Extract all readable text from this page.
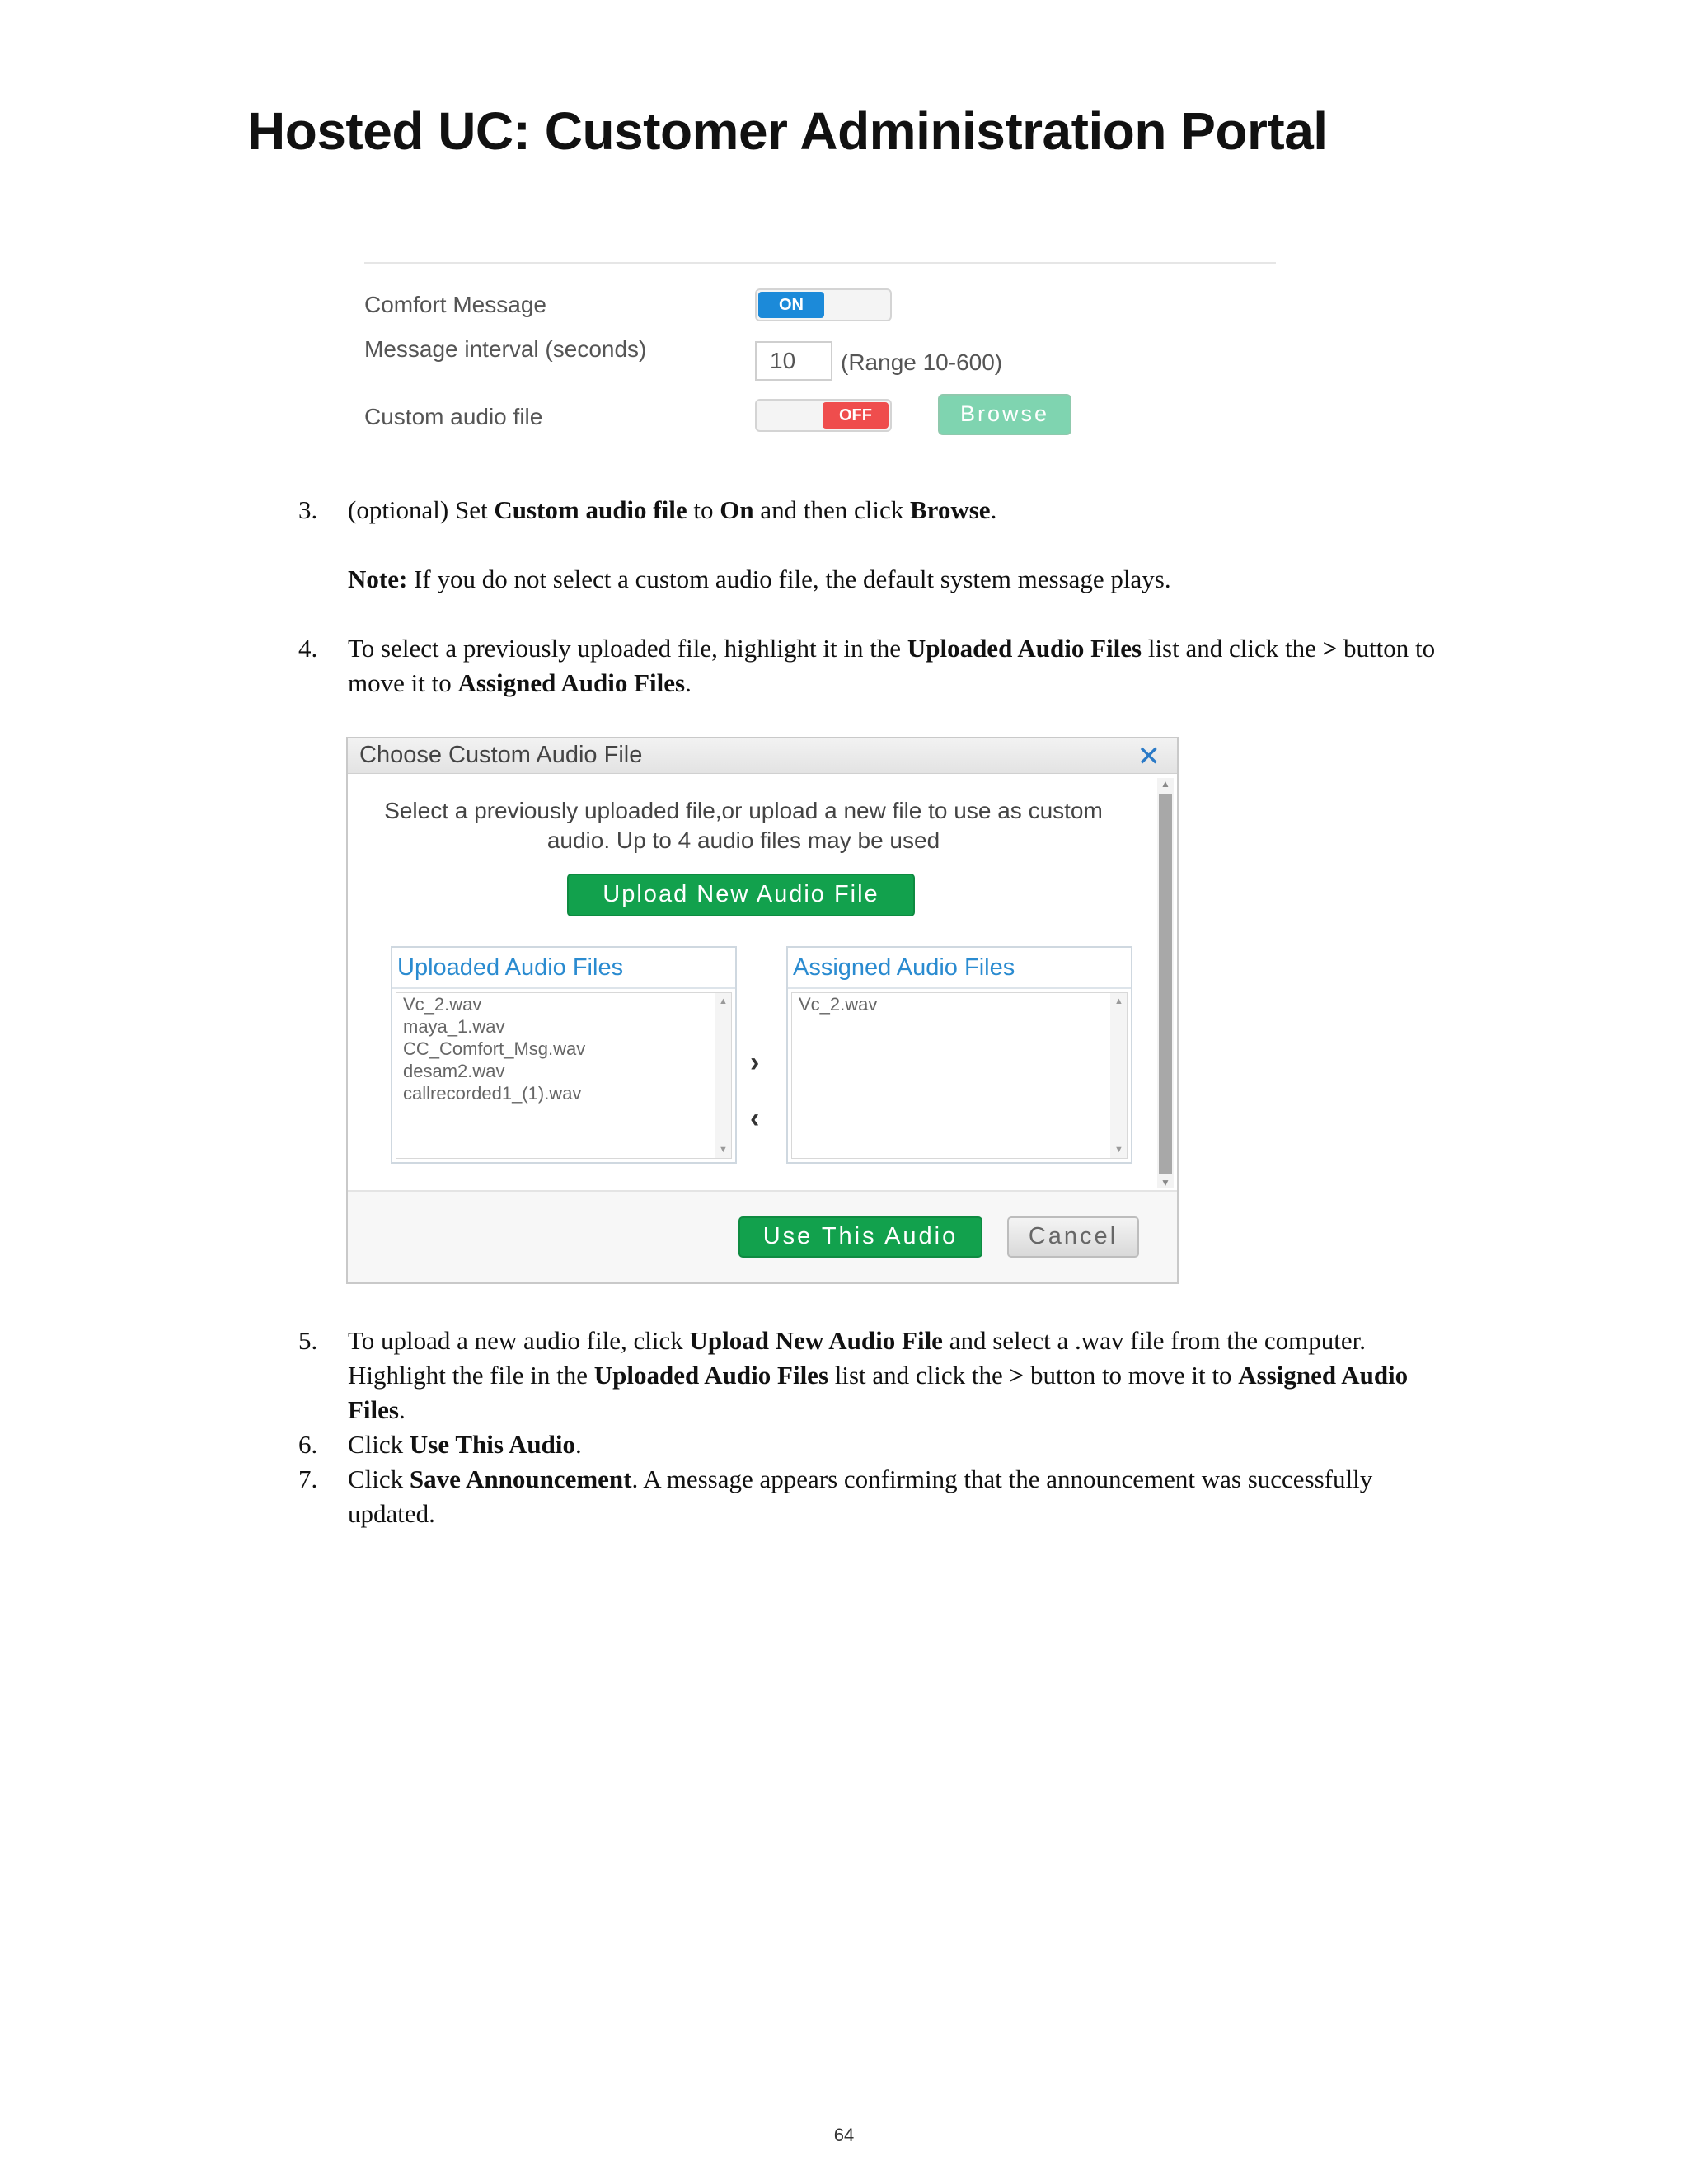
Hosted UC: Customer Administration Portal
Comfort Message	ON
Message interval (seconds)	10	(Range 10-600)
Custom audio file	OFF	Browse
3. (optional) Set Custom audio file to On and then click Browse.
Note: If you do not select a custom audio file, the default system message plays.
4. To select a previously uploaded file, highlight it in the Uploaded Audio Files list and click the > button to move it to Assigned Audio Files.
Choose Custom Audio File	✕
▲
▼
Select a previously uploaded file,or upload a new file to use as custom audio. Up to 4 audio files may be used
Upload New Audio File
Uploaded Audio Files
Vc_2.wav
maya_1.wav
CC_Comfort_Msg.wav
desam2.wav
callrecorded1_(1).wav
▲
▼
›
‹
Assigned Audio Files
Vc_2.wav	▲
▼
Use This Audio	Cancel
5. To upload a new audio file, click Upload New Audio File and select a .wav file from the computer. Highlight the file in the Uploaded Audio Files list and click the > button to move it to Assigned Audio Files.
6. Click Use This Audio.
7. Click Save Announcement. A message appears confirming that the announcement was successfully updated.
64
